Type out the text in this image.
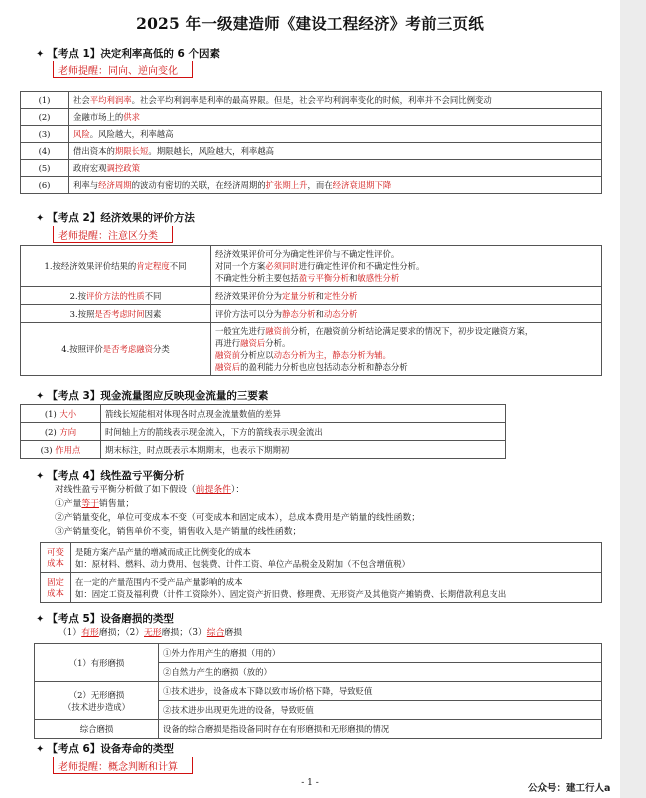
2025 年一级建造师《建设工程经济》考前三页纸
✦ 【考点 1】决定利率高低的 6 个因素
老师提醒：同向、逆向变化
(1)	社会平均利润率。社会平均利润率是利率的最高界限。但是，社会平均利润率变化的时候，利率并不会同比例变动
(2)	金融市场上的供求
(3)	风险。风险越大，利率越高
(4)	借出资本的期限长短。期限越长，风险越大，利率越高
(5)	政府宏观调控政策
(6)	利率与经济周期的波动有密切的关联，在经济周期的扩张期上升，而在经济衰退期下降
✦ 【考点 2】经济效果的评价方法
老师提醒：注意区分类
1.按经济效果评价结果的肯定程度不同	经济效果评价可分为确定性评价与不确定性评价。
对同一个方案必须同时进行确定性评价和不确定性分析。
不确定性分析主要包括盈亏平衡分析和敏感性分析

2.按评价方法的性质不同	经济效果评价分为定量分析和定性分析
3.按照是否考虑时间因素	评价方法可以分为静态分析和动态分析
4.按照评价是否考虑融资分类	一般宜先进行融资前分析，在融资前分析结论满足要求的情况下，初步设定融资方案，
再进行融资后分析。
融资前分析应以动态分析为主，静态分析为辅。
融资后的盈利能力分析也应包括动态分析和静态分析
✦ 【考点 3】现金流量图应反映现金流量的三要素
(1) 大小	箭线长短能相对体现各时点现金流量数值的差异
(2) 方向	时间轴上方的箭线表示现金流入，下方的箭线表示现金流出
(3) 作用点	期末标注，时点既表示本期期末，也表示下期期初
✦ 【考点 4】线性盈亏平衡分析
对线性盈亏平衡分析做了如下假设（前提条件）：
①产量等于销售量；
②产销量变化，单位可变成本不变（可变成本和固定成本），总成本费用是产销量的线性函数；
③产销量变化，销售单价不变，销售收入是产销量的线性函数；
可变成本	是随方案产品产量的增减而成正比例变化的成本
如：原材料、燃料、动力费用、包装费、计件工资、单位产品税金及附加（不包含增值税）

固定成本	在一定的产量范围内不受产品产量影响的成本
如：固定工资及福利费（计件工资除外）、固定资产折旧费、修理费、无形资产及其他资产摊销费、长期借款利息支出
✦ 【考点 5】设备磨损的类型
（1）有形磨损；（2）无形磨损；（3）综合磨损
（1）有形磨损	①外力作用产生的磨损（用的）
	②自然力产生的磨损（放的）

（2）无形磨损
（技术进步造成）	①技术进步，设备成本下降以致市场价格下降，导致贬值
	②技术进步出现更先进的设备，导致贬值
综合磨损	设备的综合磨损是指设备同时存在有形磨损和无形磨损的情况
✦ 【考点 6】设备寿命的类型
老师提醒：概念判断和计算
- 1 -	公众号：建工行人a
